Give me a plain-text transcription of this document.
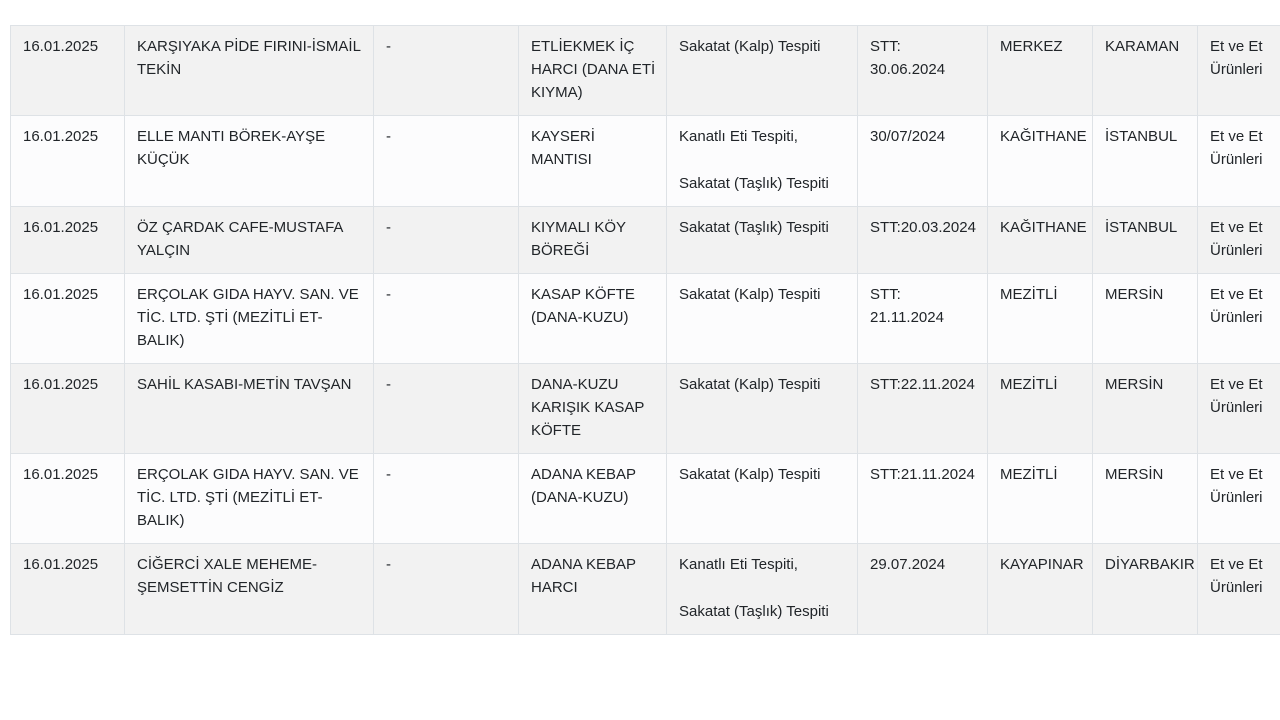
16.01.2025	KARŞIYAKA PİDE FIRINI-İSMAİL TEKİN	-	ETLİEKMEK İÇ HARCI (DANA ETİ KIYMA)	Sakatat (Kalp) Tespiti	STT: 30.06.2024	MERKEZ	KARAMAN	Et ve Et Ürünleri
16.01.2025	ELLE MANTI BÖREK-AYŞE KÜÇÜK	-	KAYSERİ MANTISI	Kanatlı Eti Tespiti,
Sakatat (Taşlık) Tespiti	30/07/2024	KAĞITHANE	İSTANBUL	Et ve Et Ürünleri
16.01.2025	ÖZ ÇARDAK CAFE-MUSTAFA YALÇIN	-	KIYMALI KÖY BÖREĞİ	Sakatat (Taşlık) Tespiti	STT:20.03.2024	KAĞITHANE	İSTANBUL	Et ve Et Ürünleri
16.01.2025	ERÇOLAK GIDA HAYV. SAN. VE TİC. LTD. ŞTİ (MEZİTLİ ET-BALIK)	-	KASAP KÖFTE (DANA-KUZU)	Sakatat (Kalp) Tespiti	STT: 21.11.2024	MEZİTLİ	MERSİN	Et ve Et Ürünleri
16.01.2025	SAHİL KASABI-METİN TAVŞAN	-	DANA-KUZU KARIŞIK KASAP KÖFTE	Sakatat (Kalp) Tespiti	STT:22.11.2024	MEZİTLİ	MERSİN	Et ve Et Ürünleri
16.01.2025	ERÇOLAK GIDA HAYV. SAN. VE TİC. LTD. ŞTİ (MEZİTLİ ET-BALIK)	-	ADANA KEBAP (DANA-KUZU)	Sakatat (Kalp) Tespiti	STT:21.11.2024	MEZİTLİ	MERSİN	Et ve Et Ürünleri
16.01.2025	CİĞERCİ XALE MEHEME-ŞEMSETTİN CENGİZ	-	ADANA KEBAP HARCI	Kanatlı Eti Tespiti,
Sakatat (Taşlık) Tespiti	29.07.2024	KAYAPINAR	DİYARBAKIR	Et ve Et Ürünleri
